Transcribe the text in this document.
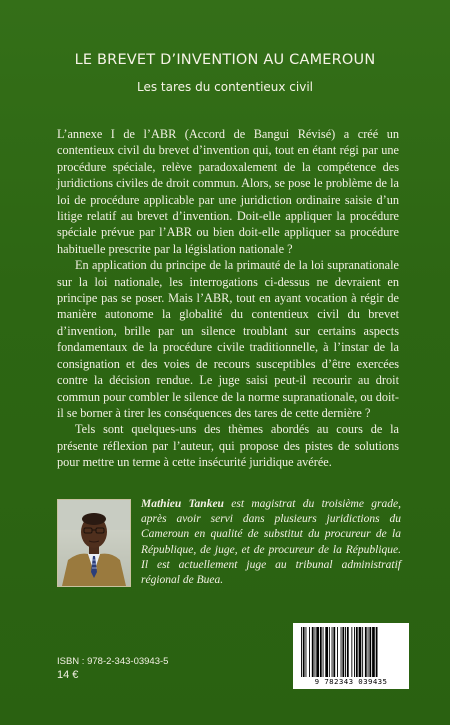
LE BREVET D’INVENTION AU CAMEROUN
Les tares du contentieux civil

L’annexe I de l’ABR (Accord de Bangui Révisé) a créé un contentieux civil du brevet d’invention qui, tout en étant régi par une procédure spéciale, relève paradoxalement de la compétence des juridictions civiles de droit commun. Alors, se pose le problème de la loi de procédure applicable par une juridiction ordinaire saisie d’un litige relatif au brevet d’invention. Doit-elle appliquer la procédure spéciale prévue par l’ABR ou bien doit-elle appliquer sa procédure habituelle prescrite par la législation nationale ?

En application du principe de la primauté de la loi supranationale sur la loi nationale, les interrogations ci-dessus ne devraient en principe pas se poser. Mais l’ABR, tout en ayant vocation à régir de manière autonome la globalité du contentieux civil du brevet d’invention, brille par un silence troublant sur certains aspects fondamentaux de la procédure civile traditionnelle, à l’instar de la consignation et des voies de recours susceptibles d’être exercées contre la décision rendue. Le juge saisi peut-il recourir au droit commun pour combler le silence de la norme supranationale, ou doit-il se borner à tirer les conséquences des tares de cette dernière ?

Tels sont quelques-uns des thèmes abordés au cours de la présente réflexion par l’auteur, qui propose des pistes de solutions pour mettre un terme à cette insécurité juridique avérée.

Mathieu Tankeu est magistrat du troisième grade, après avoir servi dans plusieurs juridictions du Cameroun en qualité de substitut du procureur de la République, de juge, et de procureur de la République. Il est actuellement juge au tribunal administratif régional de Buea.
ISBN : 978-2-343-03943-5
14 €
9 782343 039435
